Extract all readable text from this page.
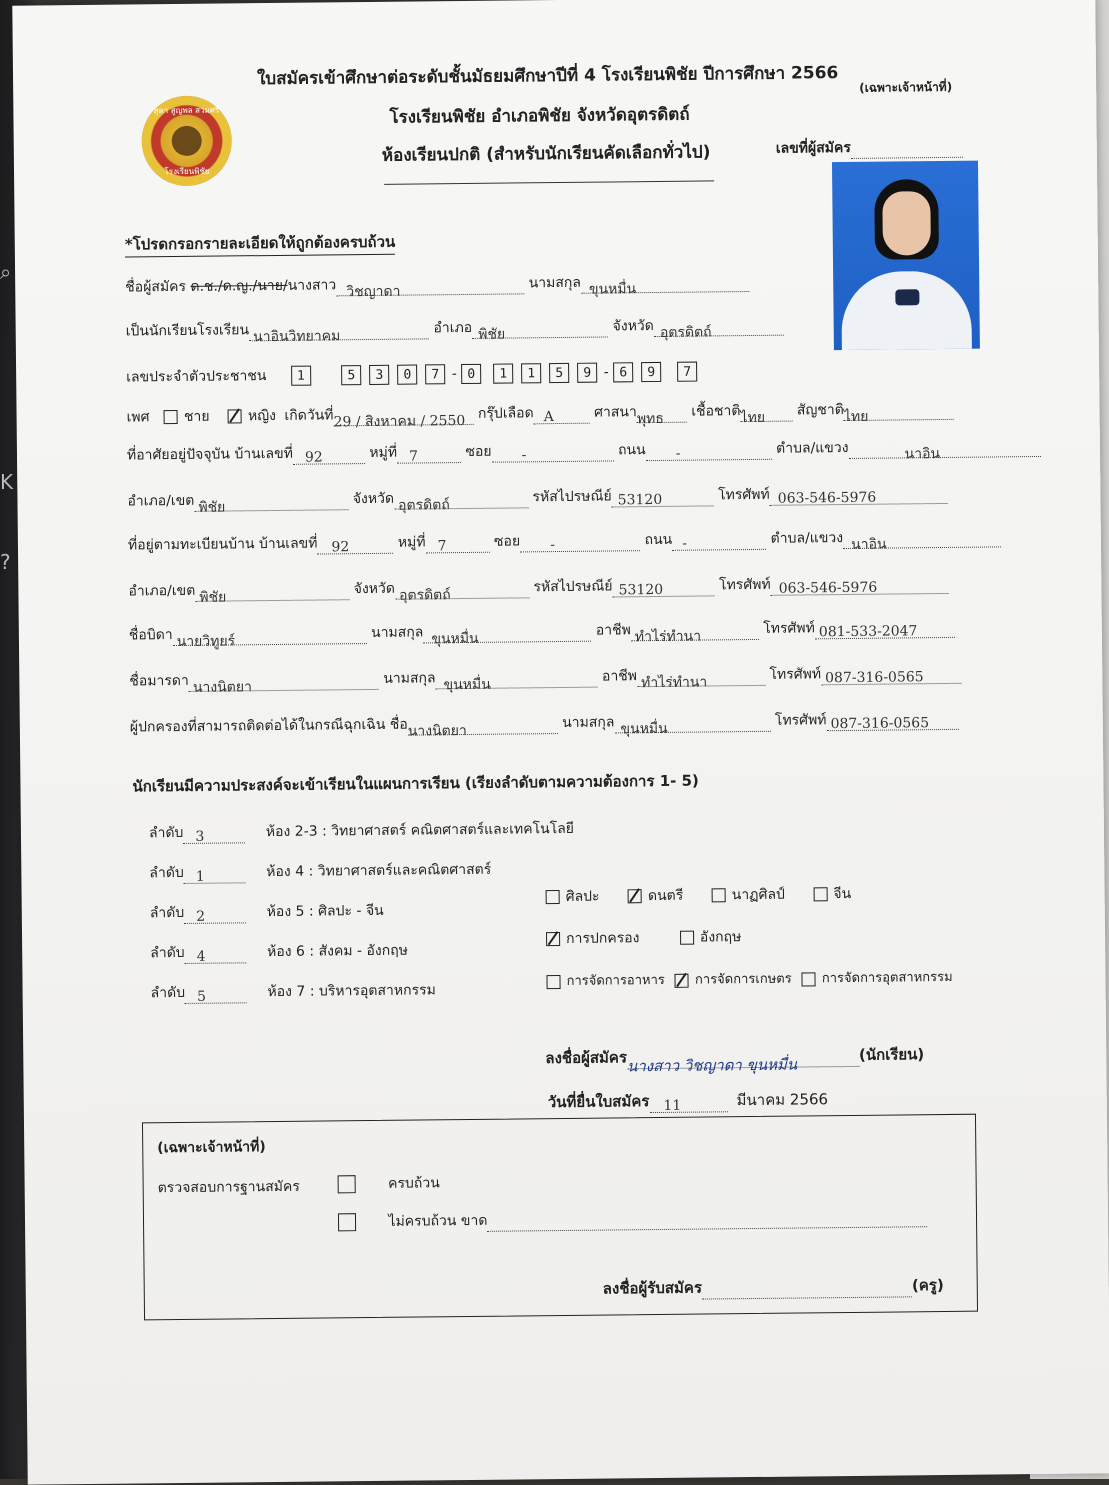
⌕
K
?
สุดา สูญพล สวมศรี
โรงเรียนพิชัย
ใบสมัครเข้าศึกษาต่อระดับชั้นมัธยมศึกษาปีที่ 4 โรงเรียนพิชัย ปีการศึกษา 2566 (เฉพาะเจ้าหน้าที่)
โรงเรียนพิชัย อำเภอพิชัย จังหวัดอุตรดิตถ์
ห้องเรียนปกติ (สำหรับนักเรียนคัดเลือกทั่วไป)	เลขที่ผู้สมัคร
*โปรดกรอกรายละเอียดให้ถูกต้องครบถ้วน
ชื่อผู้สมัคร ด.ช./ด.ญ./นาย/นางสาว วิชญาดา นามสกุล ขุนหมื่น
เป็นนักเรียนโรงเรียน นาอินวิทยาคม อำเภอ พิชัย จังหวัด อุตรดิตถ์
เลขประจำตัวประชาชน 1	5 3 0 7 - 0 1 1 5 9 - 6 9 7
เพศ ชาย	หญิง เกิดวันที่29 / สิงหาคม / 2550 กรุ๊ปเลือด A	ศาสนาพุทธ เชื้อชาติไทย สัญชาติไทย
ที่อาศัยอยู่ปัจจุบัน บ้านเลขที่ 92	หมู่ที่ 7	ซอย -	ถนน -	ตำบล/แขวง	นาอิน
อำเภอ/เขต พิชัย จังหวัด อุตรดิตถ์ รหัสไปรษณีย์ 53120	โทรศัพท์ 063-546-5976
ที่อยู่ตามทะเบียนบ้าน บ้านเลขที่ 92	หมู่ที่ 7	ซอย -	ถนน -	ตำบล/แขวง นาอิน
อำเภอ/เขต พิชัย จังหวัด อุตรดิตถ์ รหัสไปรษณีย์ 53120	โทรศัพท์ 063-546-5976
ชื่อบิดา นายวิทูยร์ นามสกุล ขุนหมื่น อาชีพ ทำไร่ทำนา	โทรศัพท์ 081-533-2047
ชื่อมารดา นางนิตยา นามสกุล ขุนหมื่น อาชีพ ทำไร่ทำนา	โทรศัพท์ 087-316-0565
ผู้ปกครองที่สามารถติดต่อได้ในกรณีฉุกเฉิน ชื่อนางนิตยา นามสกุล ขุนหมื่น โทรศัพท์ 087-316-0565
นักเรียนมีความประสงค์จะเข้าเรียนในแผนการเรียน (เรียงลำดับตามความต้องการ 1- 5)
ลำดับ 3	ห้อง 2-3 : วิทยาศาสตร์ คณิตศาสตร์และเทคโนโลยี
ลำดับ 1	ห้อง 4 : วิทยาศาสตร์และคณิตศาสตร์
ลำดับ 2	ห้อง 5 : ศิลปะ - จีน
ลำดับ 4	ห้อง 6 : สังคม - อังกฤษ
ลำดับ 5	ห้อง 7 : บริหารอุตสาหกรรม
ศิลปะ	ดนตรี	นาฏศิลป์	จีน
การปกครอง	อังกฤษ
การจัดการอาหาร การจัดการเกษตร การจัดการอุตสาหกรรม
ลงชื่อผู้สมัครนางสาว วิชญาดา ขุนหมื่น(นักเรียน)
วันที่ยื่นใบสมัคร 11	มีนาคม 2566
(เฉพาะเจ้าหน้าที่)
ตรวจสอบการฐานสมัคร	ครบถ้วน
ไม่ครบถ้วน ขาด
ลงชื่อผู้รับสมัคร	(ครู)
